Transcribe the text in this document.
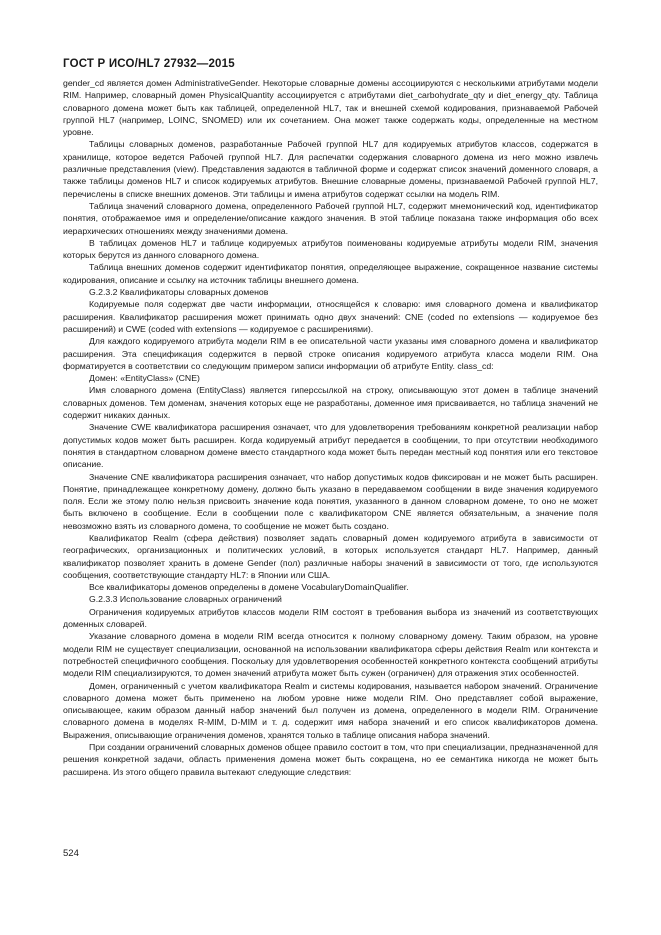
ГОСТ Р ИСО/HL7 27932—2015

gender_cd является домен AdministrativeGender. Некоторые словарные домены ассоциируются с несколькими атрибутами модели RIM. Например, словарный домен PhysicalQuantity ассоциируется с атрибутами diet_carbohydrate_qty и diet_energy_qty. Таблица словарного домена может быть как таблицей, определенной HL7, так и внешней схемой кодирования, признаваемой Рабочей группой HL7 (например, LOINC, SNOMED) или их сочетанием. Она может также содержать коды, определенные на местном уровне.

Таблицы словарных доменов, разработанные Рабочей группой HL7 для кодируемых атрибутов классов, содержатся в хранилище, которое ведется Рабочей группой HL7. Для распечатки содержания словарного домена из него можно извлечь различные представления (view). Представления задаются в табличной форме и содержат список значений доменного словаря, а также таблицы доменов HL7 и список кодируемых атрибутов. Внешние словарные домены, признаваемой Рабочей группой HL7, перечислены в списке внешних доменов. Эти таблицы и имена атрибутов содержат ссылки на модель RIM.

Таблица значений словарного домена, определенного Рабочей группой HL7, содержит мнемонический код, идентификатор понятия, отображаемое имя и определение/описание каждого значения. В этой таблице показана также информация обо всех иерархических отношениях между значениями домена.

В таблицах доменов HL7 и таблице кодируемых атрибутов поименованы кодируемые атрибуты модели RIM, значения которых берутся из данного словарного домена.

Таблица внешних доменов содержит идентификатор понятия, определяющее выражение, сокращенное название системы кодирования, описание и ссылку на источник таблицы внешнего домена.

G.2.3.2 Квалификаторы словарных доменов

Кодируемые поля содержат две части информации, относящейся к словарю: имя словарного домена и квалификатор расширения. Квалификатор расширения может принимать одно двух значений: CNE (coded no extensions — кодируемое без расширений) и CWE (coded with extensions — кодируемое с расширениями).

Для каждого кодируемого атрибута модели RIM в ее описательной части указаны имя словарного домена и квалификатор расширения. Эта спецификация содержится в первой строке описания кодируемого атрибута класса модели RIM. Она форматируется в соответствии со следующим примером записи информации об атрибуте Entity. class_cd:

Домен: «EntityClass» (CNE)

Имя словарного домена (EntityClass) является гиперссылкой на строку, описывающую этот домен в таблице значений словарных доменов. Тем доменам, значения которых еще не разработаны, доменное имя присваивается, но таблица значений не содержит никаких данных.

Значение CWE квалификатора расширения означает, что для удовлетворения требованиям конкретной реализации набор допустимых кодов может быть расширен. Когда кодируемый атрибут передается в сообщении, то при отсутствии необходимого понятия в стандартном словарном домене вместо стандартного кода может быть передан местный код понятия или его текстовое описание.

Значение CNE квалификатора расширения означает, что набор допустимых кодов фиксирован и не может быть расширен. Понятие, принадлежащее конкретному домену, должно быть указано в передаваемом сообщении в виде значения кодируемого поля. Если же этому полю нельзя присвоить значение кода понятия, указанного в данном словарном домене, то оно не может быть включено в сообщение. Если в сообщении поле с квалификатором CNE является обязательным, а значение поля невозможно взять из словарного домена, то сообщение не может быть создано.

Квалификатор Realm (сфера действия) позволяет задать словарный домен кодируемого атрибута в зависимости от географических, организационных и политических условий, в которых используется стандарт HL7. Например, данный квалификатор позволяет хранить в домене Gender (пол) различные наборы значений в зависимости от того, где используются сообщения, соответствующие стандарту HL7: в Японии или США.

Все квалификаторы доменов определены в домене VocabularyDomainQualifier.

G.2.3.3 Использование словарных ограничений

Ограничения кодируемых атрибутов классов модели RIM состоят в требования выбора из значений из соответствующих доменных словарей.

Указание словарного домена в модели RIM всегда относится к полному словарному домену. Таким образом, на уровне модели RIM не существует специализации, основанной на использовании квалификатора сферы действия Realm или контекста и потребностей специфичного сообщения. Поскольку для удовлетворения особенностей конкретного контекста сообщений атрибуты модели RIM специализируются, то домен значений атрибута может быть сужен (ограничен) для отражения этих особенностей.

Домен, ограниченный с учетом квалификатора Realm и системы кодирования, называется набором значений. Ограничение словарного домена может быть применено на любом уровне ниже модели RIM. Оно представляет собой выражение, описывающее, каким образом данный набор значений был получен из домена, определенного в модели RIM. Ограничение словарного домена в моделях R-MIM, D-MIM и т. д. содержит имя набора значений и его список квалификаторов домена. Выражения, описывающие ограничения доменов, хранятся только в таблице описания набора значений.

При создании ограничений словарных доменов общее правило состоит в том, что при специализации, предназначенной для решения конкретной задачи, область применения домена может быть сокращена, но ее семантика никогда не может быть расширена. Из этого общего правила вытекают следующие следствия:

524
